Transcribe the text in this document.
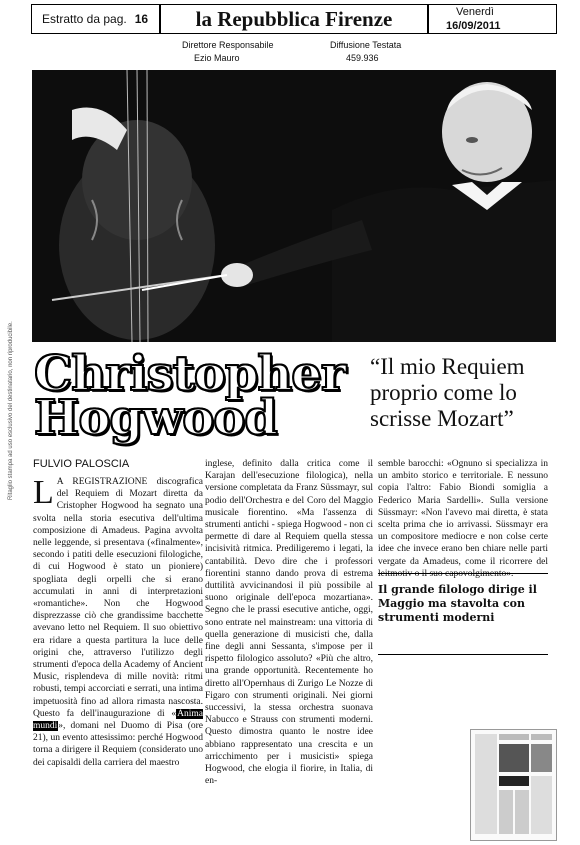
Ritaglio stampa ad uso esclusivo del destinatario, non riproducibile.
Estratto da pag. 16	la Repubblica Firenze	Venerdì
16/09/2011
Direttore Responsabile
Ezio Mauro
Diffusione Testata
459.936
Christopher
Hogwood
“Il mio Requiem proprio come lo scrisse Mozart”
FULVIO PALOSCIA
L A REGISTRAZIONE discografica del Requiem di Mozart diretta da Cristopher Hogwood ha segnato una svolta nella storia esecutiva dell'ultima composizione di Amadeus. Pagina avvolta nelle leggende, si presentava («finalmente», secondo i patiti delle esecuzioni filologiche, di cui Hogwood è stato un pioniere) spogliata degli orpelli che si erano accumulati in anni di interpretazioni «romantiche». Non che Hogwood disprezzasse ciò che grandissime bacchette avevano letto nel Requiem. Il suo obiettivo era ridare a questa partitura la luce delle origini che, attraverso l'utilizzo degli strumenti d'epoca della Academy of Ancient Music, risplendeva di mille novità: ritmi robusti, tempi accorciati e serrati, una intima impetuosità fino ad allora rimasta nascosta. Questo fa dell'inaugurazione di «Anima mundi», domani nel Duomo di Pisa (ore 21), un evento attesissimo: perché Hogwood torna a dirigere il Requiem (considerato uno dei capisaldi della carriera del maestro
inglese, definito dalla critica come il Karajan dell'esecuzione filologica), nella versione completata da Franz Süssmayr, sul podio dell'Orchestra e del Coro del Maggio musicale fiorentino. «Ma l'assenza di strumenti antichi - spiega Hogwood - non ci permette di dare al Requiem quella stessa incisività ritmica. Prediligeremo i legati, la cantabilità. Devo dire che i professori fiorentini stanno dando prova di estrema duttilità avvicinandosi il più possibile al suono originale dell'epoca mozartiana». Segno che le prassi esecutive antiche, oggi, sono entrate nel mainstream: una vittoria di quella generazione di musicisti che, dalla fine degli anni Sessanta, s'impose per il rispetto filologico assoluto? «Più che altro, una grande opportunità. Recentemente ho diretto all'Opernhaus di Zurigo Le Nozze di Figaro con strumenti originali. Nei giorni successivi, la stessa orchestra suonava Nabucco e Strauss con strumenti moderni. Questo dimostra quanto le nostre idee abbiano rappresentato una crescita e un arricchimento per i musicisti» spiega Hogwood, che elogia il fiorire, in Italia, di en-
semble barocchi: «Ognuno si specializza in un ambito storico e territoriale. E nessuno copia l'altro: Fabio Biondi somiglia a Federico Maria Sardelli». Sulla versione Süssmayr: «Non l'avevo mai diretta, è stata scelta prima che io arrivassi. Süssmayr era un compositore mediocre e non colse certe idee che invece erano ben chiare nelle parti vergate da Amadeus, come il ricorrere del
Il grande filologo dirige il Maggio ma stavolta con strumenti moderni
